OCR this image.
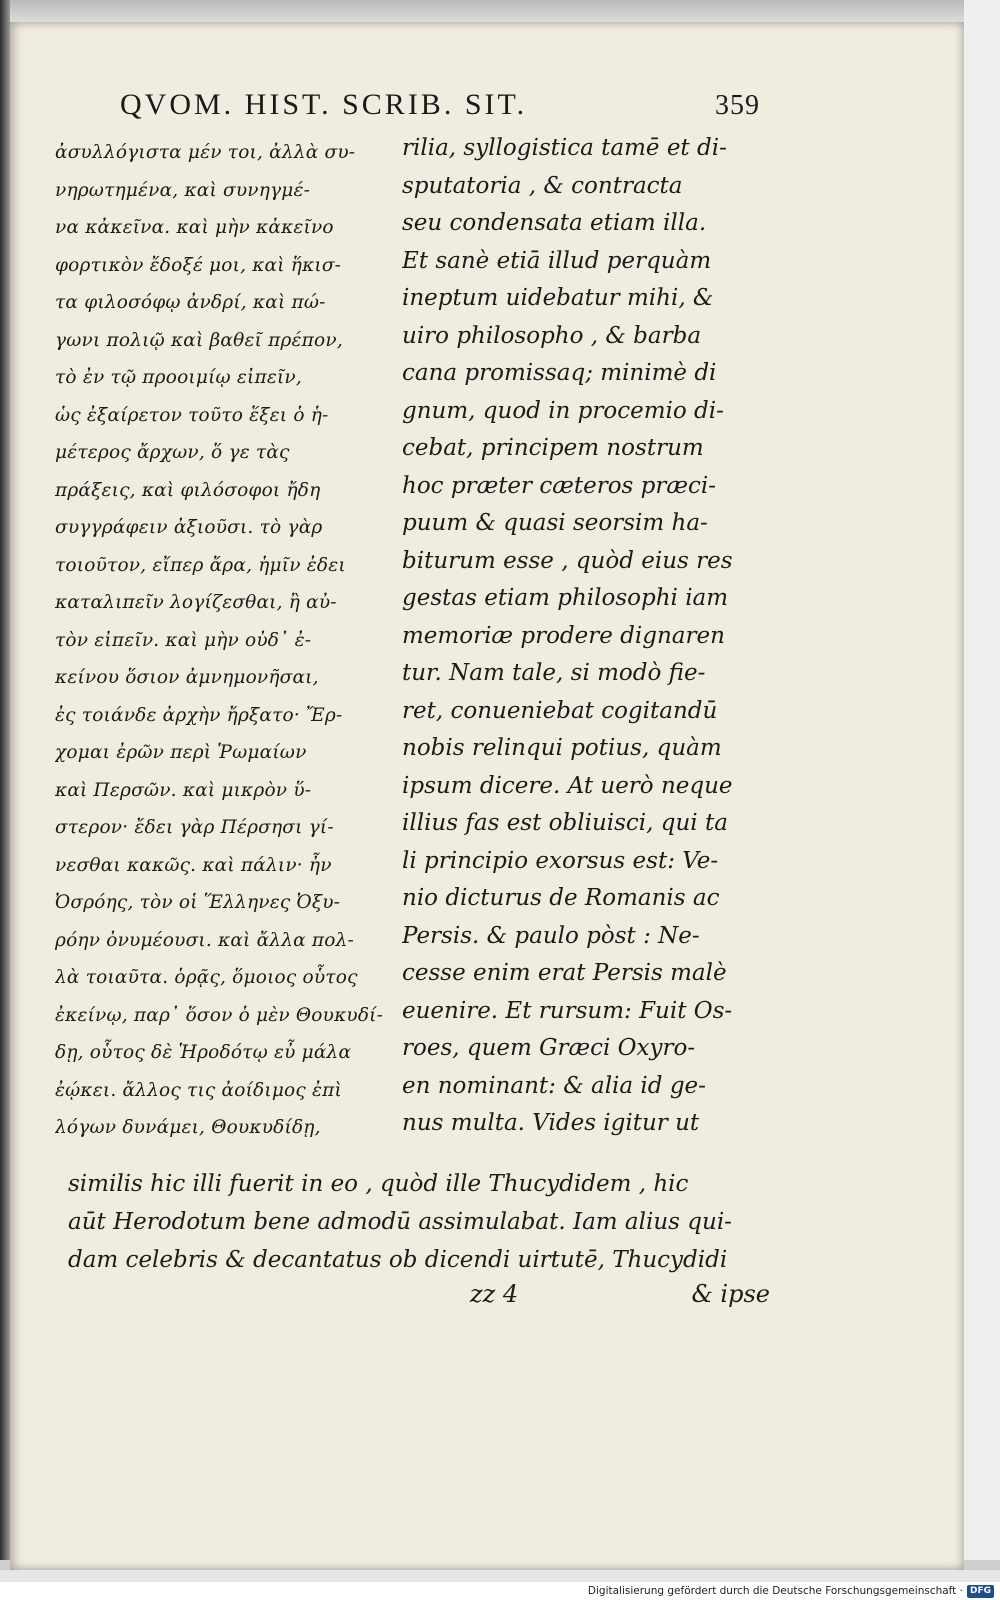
QVOM. HIST. SCRIB. SIT.	359
ἀσυλλόγιστα μέν τοι, ἀλλὰ συ-
νηρωτημένα, καὶ συνηγμέ-
να κἀκεῖνα. καὶ μὴν κἀκεῖνο
φορτικὸν ἔδοξέ μοι, καὶ ἥκισ-
τα φιλοσόφῳ ἀνδρί, καὶ πώ-
γωνι πολιῷ καὶ βαθεῖ πρέπον,
τὸ ἐν τῷ προοιμίῳ εἰπεῖν,
ὡς ἐξαίρετον τοῦτο ἕξει ὁ ἡ-
μέτερος ἄρχων, ὅ γε τὰς
πράξεις, καὶ φιλόσοφοι ἤδη
συγγράφειν ἀξιοῦσι. τὸ γὰρ
τοιοῦτον, εἴπερ ἄρα, ἡμῖν ἐδει
καταλιπεῖν λογίζεσθαι, ἢ αὐ-
τὸν εἰπεῖν. καὶ μὴν οὐδ᾽ ἐ-
κείνου ὅσιον ἀμνημονῆσαι,
ἐς τοιάνδε ἀρχὴν ἤρξατο· Ἔρ-
χομαι ἐρῶν περὶ Ῥωμαίων
καὶ Περσῶν. καὶ μικρὸν ὕ-
στερον· ἔδει γὰρ Πέρσησι γί-
νεσθαι κακῶς. καὶ πάλιν· ἦν
Ὀσρόης, τὸν οἱ Ἕλληνες Ὀξυ-
ρόην ὀνυμέουσι. καὶ ἄλλα πολ-
λὰ τοιαῦτα. ὁρᾷς, ὅμοιος οὗτος
ἐκείνῳ, παρ᾽ ὅσον ὁ μὲν Θουκυδί-
δῃ, οὗτος δὲ Ἡροδότῳ εὖ μάλα
ἐῴκει. ἄλλος τις ἀοίδιμος ἐπὶ
λόγων δυνάμει, Θουκυδίδῃ,
rilia, syllogistica tamē et di-
sputatoria , & contracta
seu condensata etiam illa.
Et sanè etiā illud perquàm
ineptum uidebatur mihi, &
uiro philosopho , & barba
cana promissaq; minimè di
gnum, quod in procemio di-
cebat, principem nostrum
hoc præter cæteros præci-
puum & quasi seorsim ha-
biturum esse , quòd eius res
gestas etiam philosophi iam
memoriæ prodere dignaren
tur. Nam tale, si modò fie-
ret, conueniebat cogitandū
nobis relinqui potius, quàm
ipsum dicere. At uerò neque
illius fas est obliuisci, qui ta
li principio exorsus est: Ve-
nio dicturus de Romanis ac
Persis. & paulo pòst : Ne-
cesse enim erat Persis malè
euenire. Et rursum: Fuit Os-
roes, quem Græci Oxyro-
en nominant: & alia id ge-
nus multa. Vides igitur ut
similis hic illi fuerit in eo , quòd ille Thucydidem , hic
aūt Herodotum bene admodū assimulabat. Iam alius qui-
dam celebris & decantatus ob dicendi uirtutē, Thucydidi
zz 4	& ipse
Digitalisierung gefördert durch die Deutsche Forschungsgemeinschaft · DFG
